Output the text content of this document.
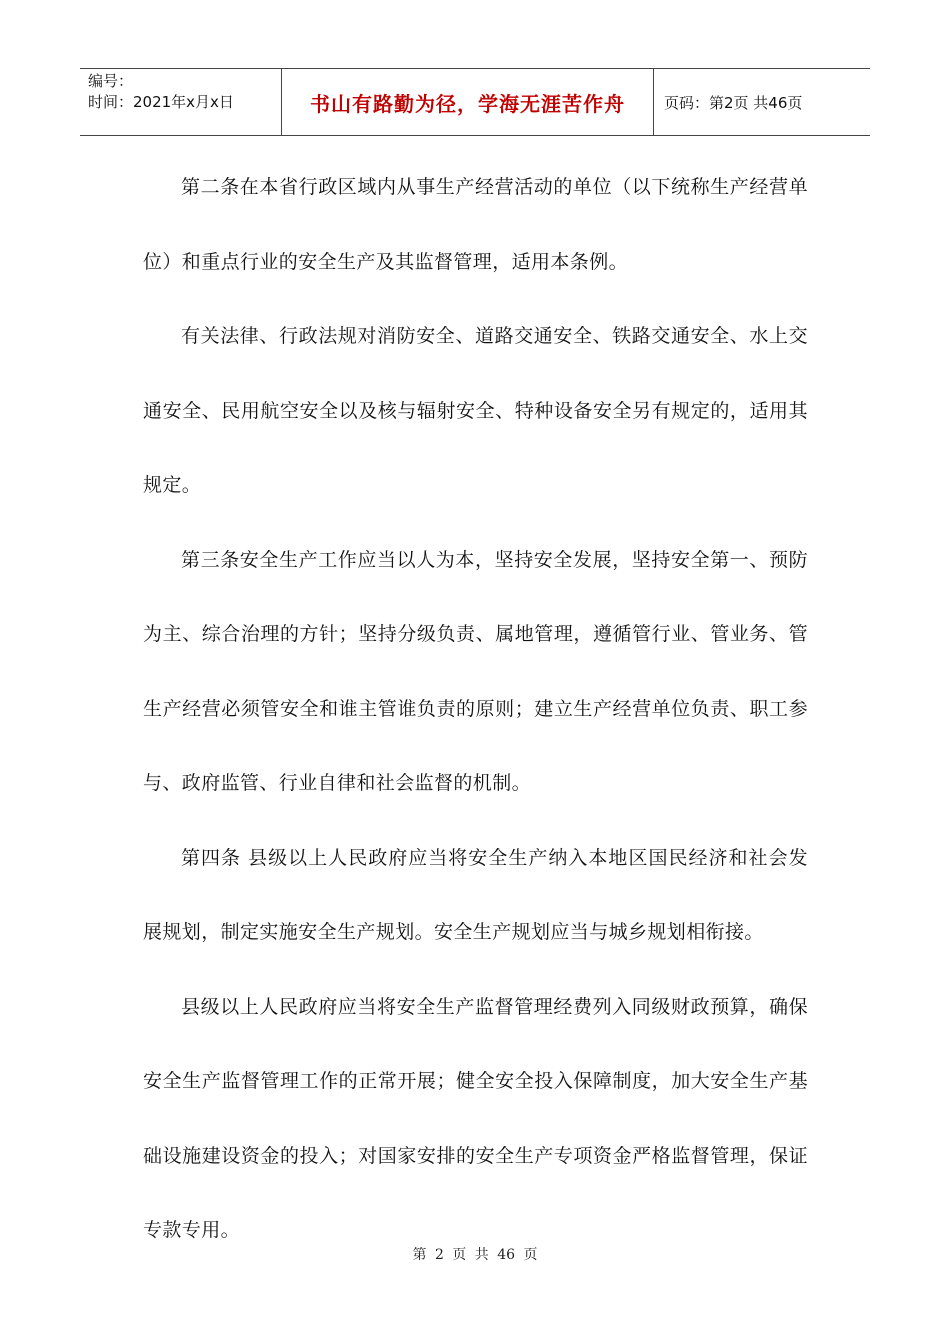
编号：
时间：2021年x月x日	书山有路勤为径，学海无涯苦作舟	页码：第2页 共46页

第二条在本省行政区域内从事生产经营活动的单位（以下统称生产经营单位）和重点行业的安全生产及其监督管理，适用本条例。

有关法律、行政法规对消防安全、道路交通安全、铁路交通安全、水上交通安全、民用航空安全以及核与辐射安全、特种设备安全另有规定的，适用其规定。

第三条安全生产工作应当以人为本，坚持安全发展，坚持安全第一、预防为主、综合治理的方针；坚持分级负责、属地管理，遵循管行业、管业务、管生产经营必须管安全和谁主管谁负责的原则；建立生产经营单位负责、职工参与、政府监管、行业自律和社会监督的机制。

第四条 县级以上人民政府应当将安全生产纳入本地区国民经济和社会发展规划，制定实施安全生产规划。安全生产规划应当与城乡规划相衔接。

县级以上人民政府应当将安全生产监督管理经费列入同级财政预算，确保安全生产监督管理工作的正常开展；健全安全投入保障制度，加大安全生产基础设施建设资金的投入；对国家安排的安全生产专项资金严格监督管理，保证专款专用。

第 2 页 共 46 页
